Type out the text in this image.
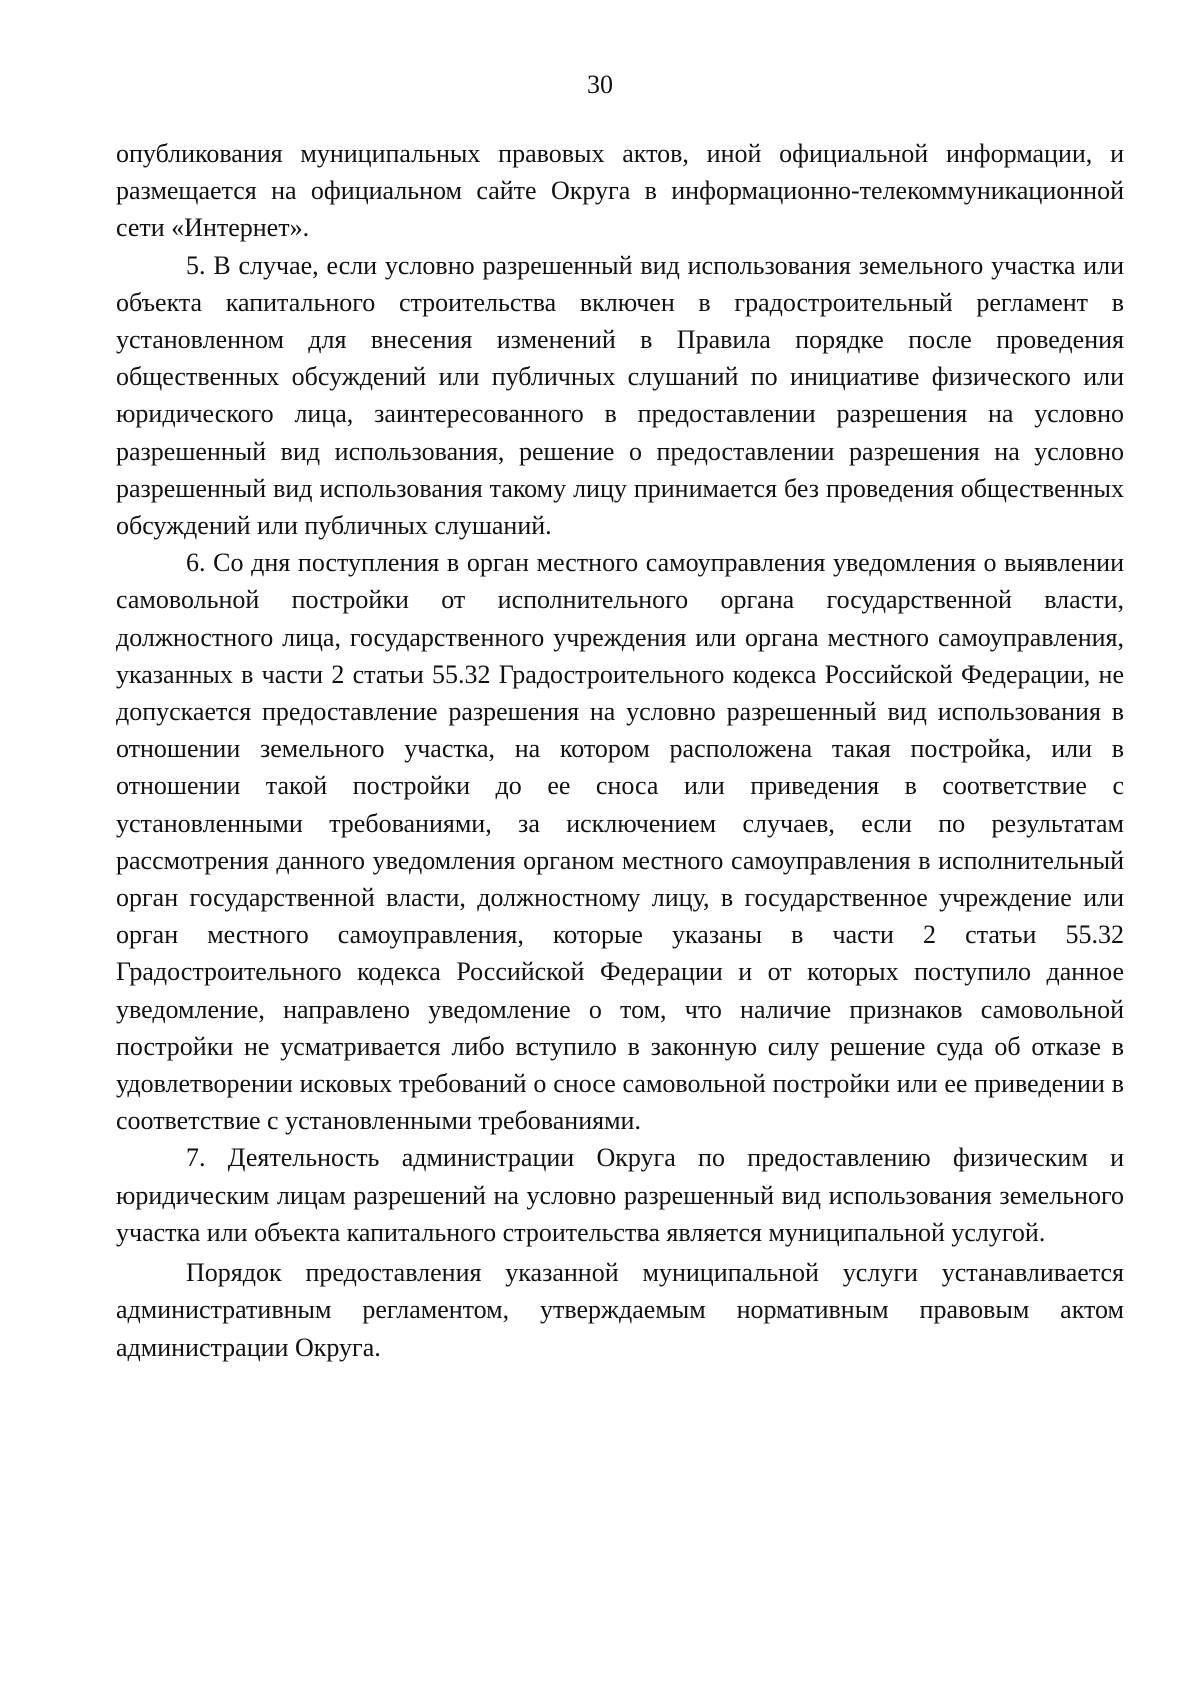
30

опубликования муниципальных правовых актов, иной официальной информации, и размещается на официальном сайте Округа в информационно-телекоммуникационной сети «Интернет».

5. В случае, если условно разрешенный вид использования земельного участка или объекта капитального строительства включен в градостроительный регламент в установленном для внесения изменений в Правила порядке после проведения общественных обсуждений или публичных слушаний по инициативе физического или юридического лица, заинтересованного в предоставлении разрешения на условно разрешенный вид использования, решение о предоставлении разрешения на условно разрешенный вид использования такому лицу принимается без проведения общественных обсуждений или публичных слушаний.

6. Со дня поступления в орган местного самоуправления уведомления о выявлении самовольной постройки от исполнительного органа государственной власти, должностного лица, государственного учреждения или органа местного самоуправления, указанных в части 2 статьи 55.32 Градостроительного кодекса Российской Федерации, не допускается предоставление разрешения на условно разрешенный вид использования в отношении земельного участка, на котором расположена такая постройка, или в отношении такой постройки до ее сноса или приведения в соответствие с установленными требованиями, за исключением случаев, если по результатам рассмотрения данного уведомления органом местного самоуправления в исполнительный орган государственной власти, должностному лицу, в государственное учреждение или орган местного самоуправления, которые указаны в части 2 статьи 55.32 Градостроительного кодекса Российской Федерации и от которых поступило данное уведомление, направлено уведомление о том, что наличие признаков самовольной постройки не усматривается либо вступило в законную силу решение суда об отказе в удовлетворении исковых требований о сносе самовольной постройки или ее приведении в соответствие с установленными требованиями.

7. Деятельность администрации Округа по предоставлению физическим и юридическим лицам разрешений на условно разрешенный вид использования земельного участка или объекта капитального строительства является муниципальной услугой.

Порядок предоставления указанной муниципальной услуги устанавливается административным регламентом, утверждаемым нормативным правовым актом администрации Округа.
